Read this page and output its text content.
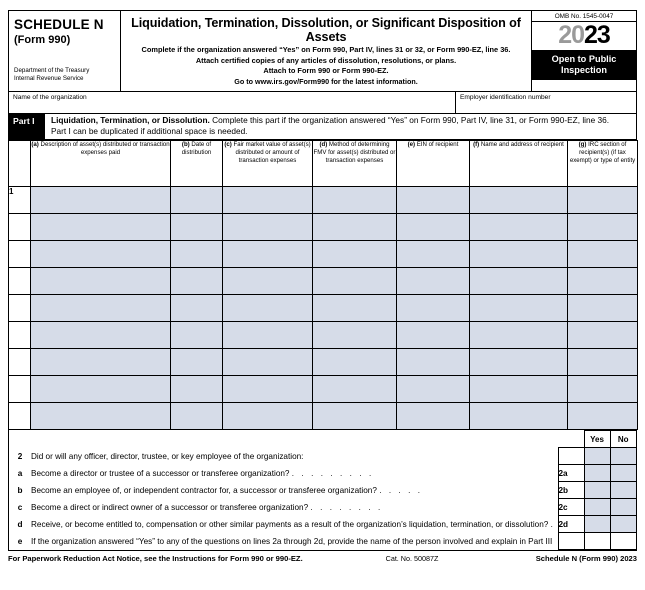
SCHEDULE N
(Form 990)
Department of the Treasury
Internal Revenue Service
Liquidation, Termination, Dissolution, or Significant Disposition of Assets
Complete if the organization answered “Yes” on Form 990, Part IV, lines 31 or 32, or Form 990-EZ, line 36.
Attach certified copies of any articles of dissolution, resolutions, or plans.
Attach to Form 990 or Form 990-EZ.
Go to www.irs.gov/Form990 for the latest information.
OMB No. 1545-0047
2023
Open to Public
Inspection
Name of the organization	Employer identification number
Part I	Liquidation, Termination, or Dissolution. Complete this part if the organization answered “Yes” on Form 990, Part IV, line 31, or Form 990-EZ, line 36.
Part I can be duplicated if additional space is needed.
	(a) Description of asset(s) distributed or transaction expenses paid	(b) Date of distribution	(c) Fair market value of asset(s) distributed or amount of transaction expenses	(d) Method of determining FMV for asset(s) distributed or transaction expenses	(e) EIN of recipient	(f) Name and address of recipient	(g) IRC section of recipient(s) (if tax exempt) or type of entity
1							

			Yes	No
2	Did or will any officer, director, trustee, or key employee of the organization:			
a	Become a director or trustee of a successor or transferee organization? . . . . . . . . .	2a		
b	Become an employee of, or independent contractor for, a successor or transferee organization? . . . . .	2b		
c	Become a direct or indirect owner of a successor or transferee organization? . . . . . . . .	2c		
d	Receive, or become entitled to, compensation or other similar payments as a result of the organization’s liquidation, termination, or dissolution? .	2d		
e	If the organization answered “Yes” to any of the questions on lines 2a through 2d, provide the name of the person involved and explain in Part III			
For Paperwork Reduction Act Notice, see the Instructions for Form 990 or 990-EZ.	Cat. No. 50087Z	Schedule N (Form 990) 2023
